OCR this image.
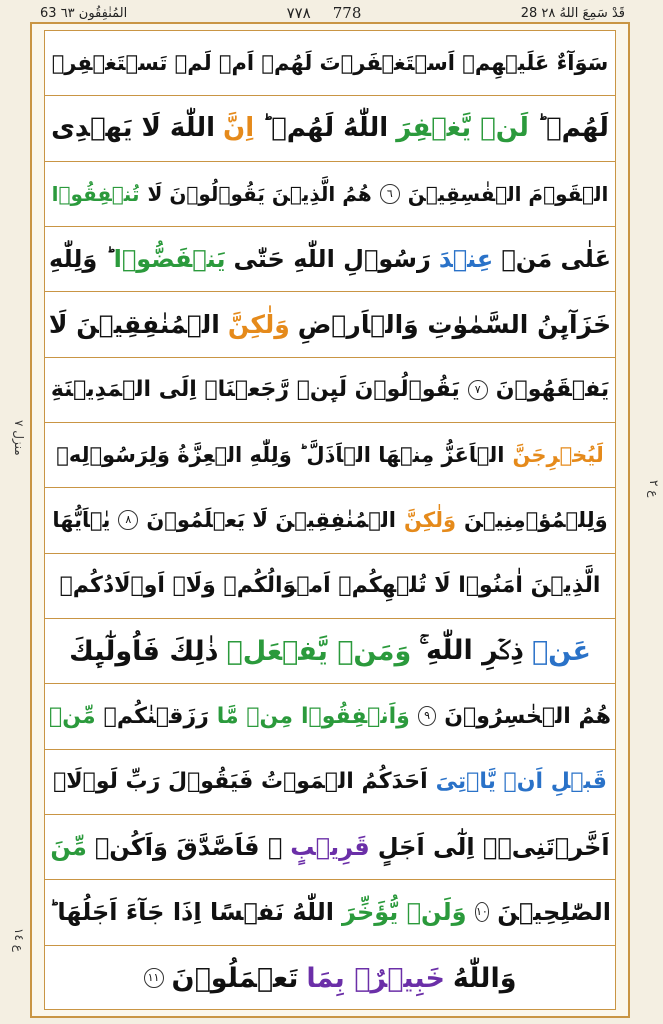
63 المُنٰفِقُون ٦٣	٧٧٨ 778	28 قَدْ سَمِعَ اللهُ ٢٨
منزل ٧
ع ٢
ع ١٤
سَوَآءٌ عَلَيۡهِمۡ اَسۡتَغۡفَرۡتَ لَهُمۡ اَمۡ لَمۡ تَسۡتَغۡفِرۡ
لَهُمۡ ؕ
لَنۡ يَّغۡفِرَ
اللّٰهُ لَهُمۡ ؕ
اِنَّ
اللّٰهَ لَا يَهۡدِى
الۡقَوۡمَ الۡفٰسِقِيۡنَ
٦
هُمُ الَّذِيۡنَ يَقُوۡلُوۡنَ لَا
تُنۡفِقُوۡا
عَلٰى مَنۡ
عِنۡدَ
رَسُوۡلِ اللّٰهِ حَتّٰى
يَنۡفَضُّوۡا
ؕ وَلِلّٰهِ
خَزَآٮِٕنُ السَّمٰوٰتِ وَالۡاَرۡضِ
وَلٰكِنَّ
الۡمُنٰفِقِيۡنَ لَا
يَفۡقَهُوۡنَ
٧
يَقُوۡلُوۡنَ لَٮِٕنۡ رَّجَعۡنَاۤ اِلَى الۡمَدِيۡنَةِ
لَيُخۡرِجَنَّ
الۡاَعَزُّ مِنۡهَا الۡاَذَلَّ ؕ وَلِلّٰهِ الۡعِزَّةُ وَلِرَسُوۡلِهٖ
وَلِلۡمُؤۡمِنِيۡنَ
وَلٰكِنَّ
الۡمُنٰفِقِيۡنَ لَا يَعۡلَمُوۡنَ
٨
يٰۤاَيُّهَا
الَّذِيۡنَ اٰمَنُوۡا لَا تُلۡهِكُمۡ اَمۡوَالُكُمۡ وَلَاۤ اَوۡلَادُكُمۡ
عَنۡ
ذِكۡرِ اللّٰهِ ۚ
وَمَنۡ يَّفۡعَلۡ
ذٰلِكَ فَاُولٰٓٮِٕكَ
هُمُ الۡخٰسِرُوۡنَ
٩
وَاَنۡفِقُوۡا
مِنۡ مَّا
رَزَقۡنٰكُمۡ
مِّنۡ
قَبۡلِ اَنۡ يَّاۡتِىَ
اَحَدَكُمُ الۡمَوۡتُ فَيَقُوۡلَ رَبِّ لَوۡلَاۤ
اَخَّرۡتَنِىۡۤ اِلٰٓى اَجَلٍ
قَرِيۡبٍ
ۙ فَاَصَّدَّقَ وَاَكُنۡ
مِّنَ
الصّٰلِحِيۡنَ
١٠
وَلَنۡ يُّؤَخِّرَ
اللّٰهُ نَفۡسًا اِذَا جَآءَ اَجَلُهَا ؕ
وَاللّٰهُ
خَبِيۡرٌۢ بِمَا
تَعۡمَلُوۡنَ
١١
